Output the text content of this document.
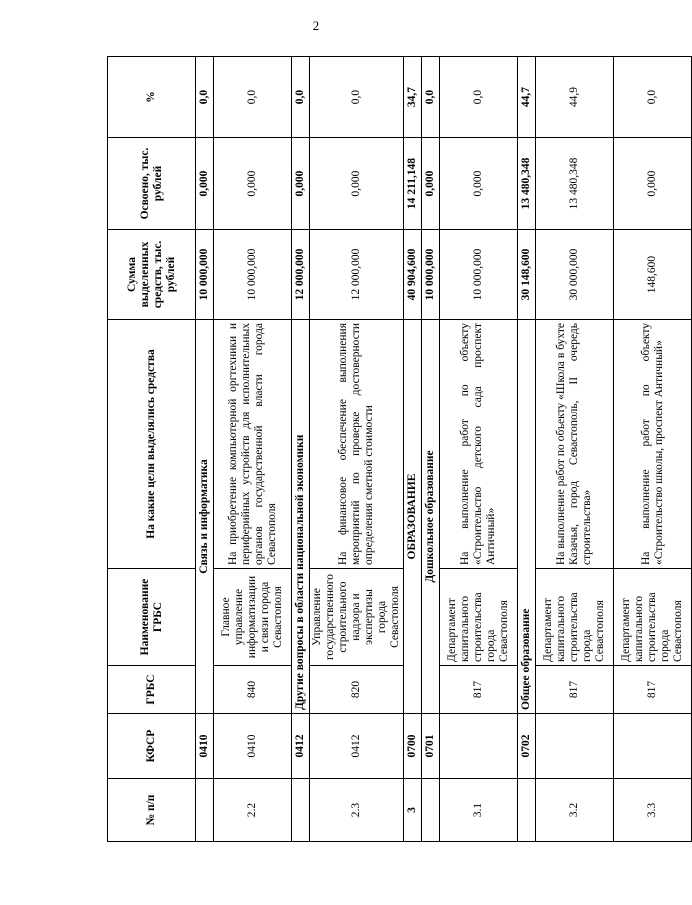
2
№ п/п	КФСР	ГРБС	Наименование ГРБС	На какие цели выделялись средства	Сумма выделенных средств, тыс. рублей	Освоено, тыс. рублей	%
	0410	Связь и информатика			10 000,000	0,000	0,0
2.2	0410	840	Главное управление информатизации и связи города Севастополя	На приобретение компьютерной оргтехники и периферийных устройств для исполнительных органов государственной власти города Севастополя	10 000,000	0,000	0,0
	0412	Другие вопросы в области национальной экономики			12 000,000	0,000	0,0
2.3	0412	820	Управление государственного строительного надзора и экспертизы города Севастополя	На финансовое обеспечение выполнения мероприятий по проверке достоверности определения сметной стоимости	12 000,000	0,000	0,0
3	0700	ОБРАЗОВАНИЕ			40 904,600	14 211,148	34,7
	0701	Дошкольное образование			10 000,000	0,000	0,0
3.1		817	Департамент капитального строительства города Севастополя	На выполнение работ по объекту «Строительство детского сада проспект Античный»	10 000,000	0,000	0,0
	0702	Общее образование			30 148,600	13 480,348	44,7
3.2		817	Департамент капитального строительства города Севастополя	На выполнение работ по объекту «Школа в бухте Казачья, город Севастополь, II очередь строительства»	30 000,000	13 480,348	44,9
3.3		817	Департамент капитального строительства города Севастополя	На выполнение работ по объекту «Строительство школы, проспект Античный»	148,600	0,000	0,0
